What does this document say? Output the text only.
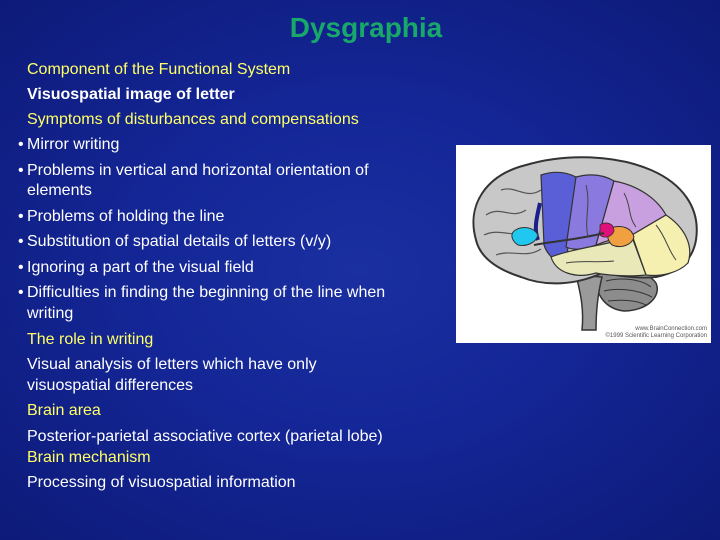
Dysgraphia
Component of the Functional System
Visuospatial image of letter
Symptoms of disturbances and compensations
• Mirror writing
• Problems in vertical and horizontal orientation of
elements
• Problems of holding the line
• Substitution of spatial details of letters (v/y)
• Ignoring a part of the visual field
• Difficulties in finding the beginning of the line when
writing
The role in writing
Visual analysis of letters which have only
visuospatial differences
Brain area
Posterior-parietal associative cortex (parietal lobe)
Brain mechanism
Processing of visuospatial information
www.BrainConnection.com
©1999 Scientific Learning Corporation
